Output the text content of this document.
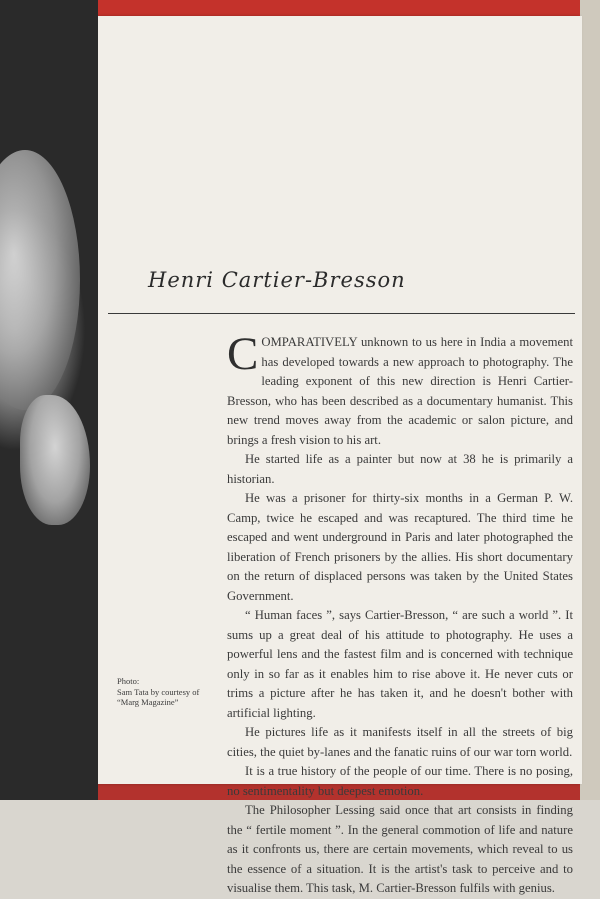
Henri Cartier-Bresson

COMPARATIVELY unknown to us here in India a movement has developed towards a new approach to photography. The leading exponent of this new direction is Henri Cartier-Bresson, who has been described as a documentary humanist. This new trend moves away from the academic or salon picture, and brings a fresh vision to his art.

He started life as a painter but now at 38 he is primarily a historian.

He was a prisoner for thirty-six months in a German P. W. Camp, twice he escaped and was recaptured. The third time he escaped and went underground in Paris and later photographed the liberation of French prisoners by the allies. His short documentary on the return of displaced persons was taken by the United States Government.

“ Human faces ”, says Cartier-Bresson, “ are such a world ”. It sums up a great deal of his attitude to photography. He uses a powerful lens and the fastest film and is concerned with technique only in so far as it enables him to rise above it. He never cuts or trims a picture after he has taken it, and he doesn't bother with artificial lighting.

He pictures life as it manifests itself in all the streets of big cities, the quiet by-lanes and the fanatic ruins of our war torn world.

It is a true history of the people of our time. There is no posing, no sentimentality but deepest emotion.

The Philosopher Lessing said once that art consists in finding the “ fertile moment ”. In the general commotion of life and nature as it confronts us, there are certain movements, which reveal to us the essence of a situation. It is the artist's task to perceive and to visualise them. This task, M. Cartier-Bresson fulfils with genius.

Photo:
Sam Tata by courtesy of
“Marg Magazine”
